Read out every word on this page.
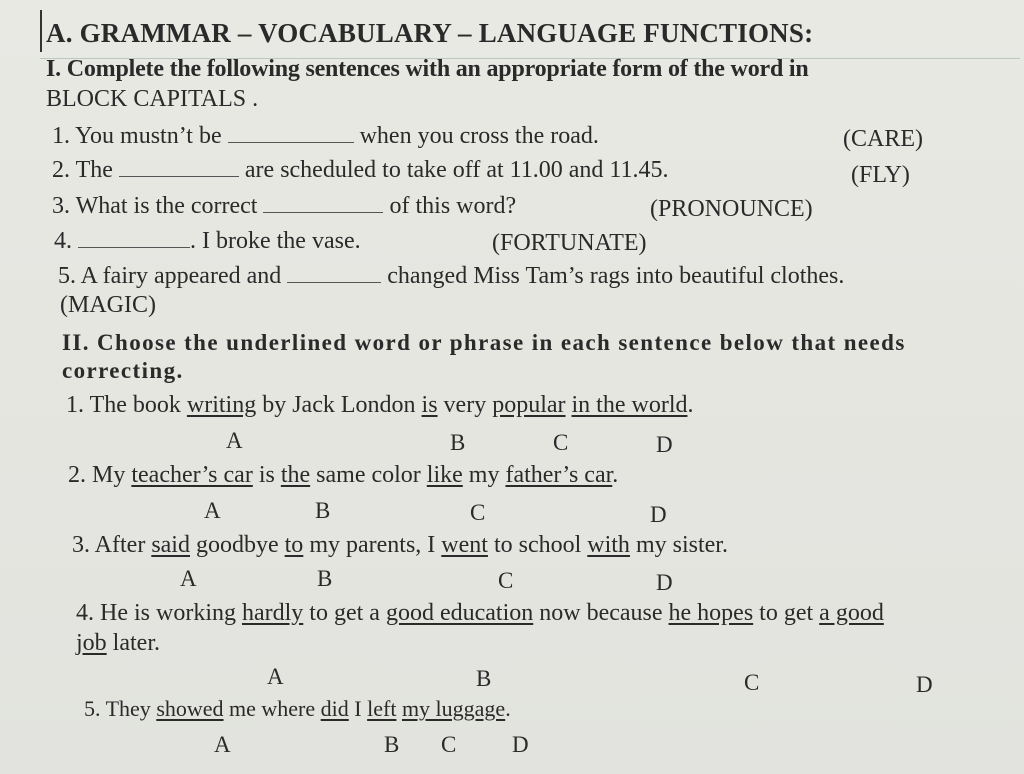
A. GRAMMAR – VOCABULARY – LANGUAGE FUNCTIONS:
I. Complete the following sentences with an appropriate form of the word in
BLOCK CAPITALS .
1. You mustn’t be	when you cross the road.	(CARE)
2. The	are scheduled to take off at 11.00 and 11.45.	(FLY)
3. What is the correct	of this word?	(PRONOUNCE)
4.	. I broke the vase.	(FORTUNATE)
5. A fairy appeared and	changed Miss Tam’s rags into beautiful clothes.
(MAGIC)
II. Choose the underlined word or phrase in each sentence below that needs
correcting.
1. The book writing by Jack London is very popular in the world.
A	B	C	D
2. My teacher’s car is the same color like my father’s car.
A	B	C	D
3. After said goodbye to my parents, I went to school with my sister.
A	B	C	D
4. He is working hardly to get a good education now because he hopes to get a good
job later.
A	B	C	D
5. They showed me where did I left my luggage.
A	B C D
